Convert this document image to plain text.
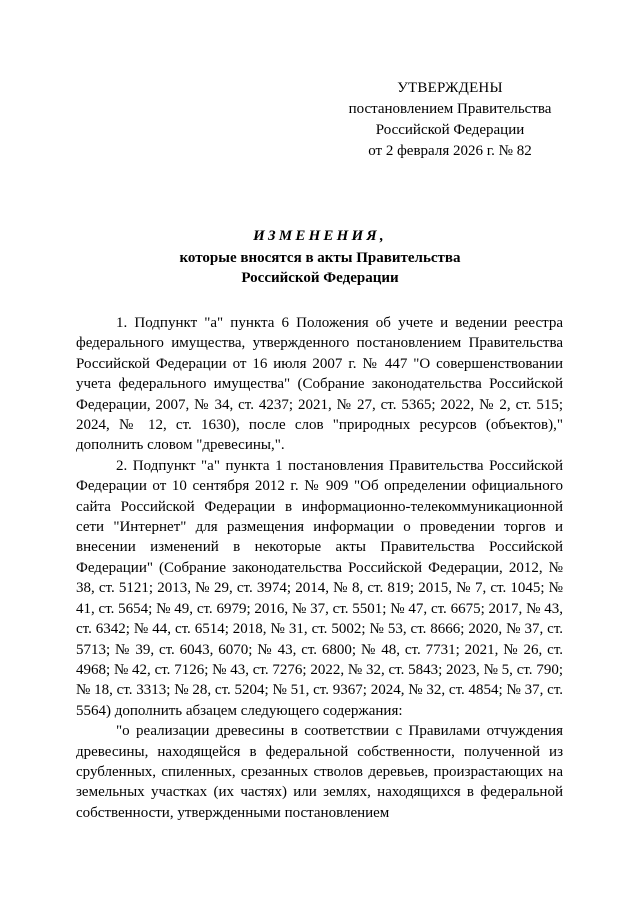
УТВЕРЖДЕНЫ
постановлением Правительства
Российской Федерации
от 2 февраля 2026 г. № 82
ИЗМЕНЕНИЯ,
которые вносятся в акты Правительства
Российской Федерации

1. Подпункт "а" пункта 6 Положения об учете и ведении реестра федерального имущества, утвержденного постановлением Правительства Российской Федерации от 16 июля 2007 г. № 447 "О совершенствовании учета федерального имущества" (Собрание законодательства Российской Федерации, 2007, № 34, ст. 4237; 2021, № 27, ст. 5365; 2022, № 2, ст. 515; 2024, № 12, ст. 1630), после слов "природных ресурсов (объектов)," дополнить словом "древесины,".

2. Подпункт "а" пункта 1 постановления Правительства Российской Федерации от 10 сентября 2012 г. № 909 "Об определении официального сайта Российской Федерации в информационно-телекоммуникационной сети "Интернет" для размещения информации о проведении торгов и внесении изменений в некоторые акты Правительства Российской Федерации" (Собрание законодательства Российской Федерации, 2012, № 38, ст. 5121; 2013, № 29, ст. 3974; 2014, № 8, ст. 819; 2015, № 7, ст. 1045; № 41, ст. 5654; № 49, ст. 6979; 2016, № 37, ст. 5501; № 47, ст. 6675; 2017, № 43, ст. 6342; № 44, ст. 6514; 2018, № 31, ст. 5002; № 53, ст. 8666; 2020, № 37, ст. 5713; № 39, ст. 6043, 6070; № 43, ст. 6800; № 48, ст. 7731; 2021, № 26, ст. 4968; № 42, ст. 7126; № 43, ст. 7276; 2022, № 32, ст. 5843; 2023, № 5, ст. 790; № 18, ст. 3313; № 28, ст. 5204; № 51, ст. 9367; 2024, № 32, ст. 4854; № 37, ст. 5564) дополнить абзацем следующего содержания:

"о реализации древесины в соответствии с Правилами отчуждения древесины, находящейся в федеральной собственности, полученной из срубленных, спиленных, срезанных стволов деревьев, произрастающих на земельных участках (их частях) или землях, находящихся в федеральной собственности, утвержденными постановлением
